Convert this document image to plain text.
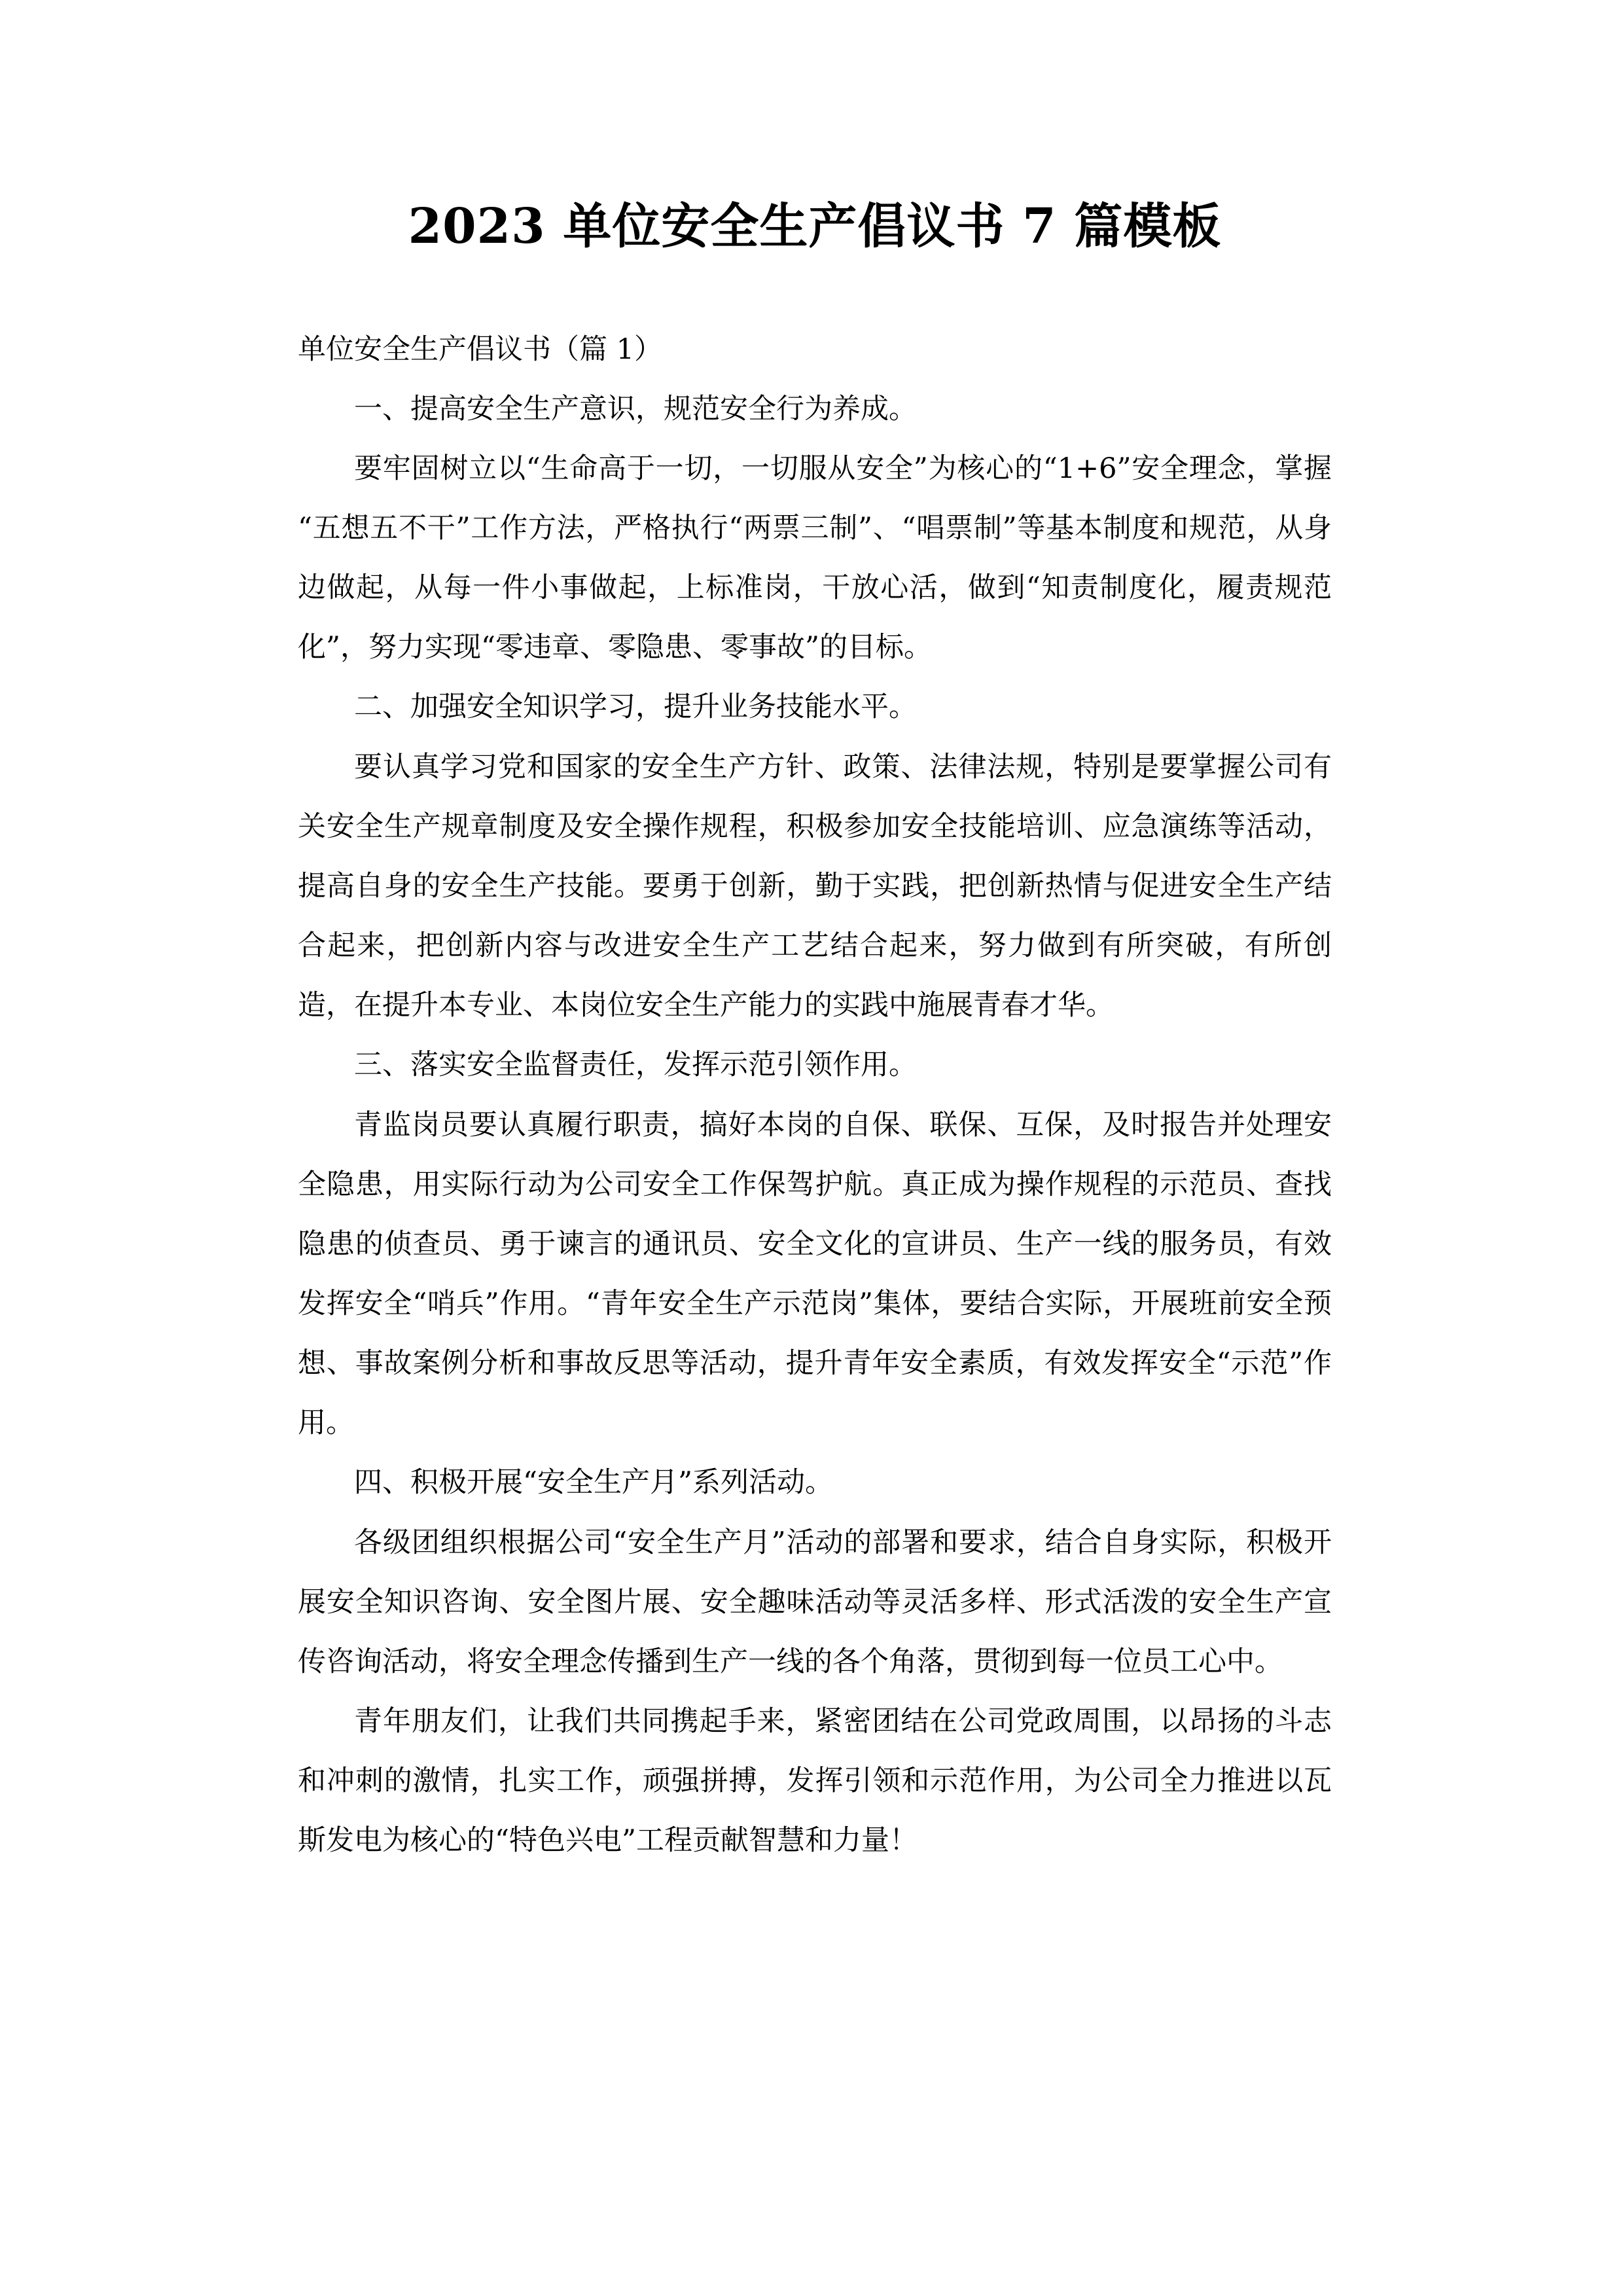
2023 单位安全生产倡议书 7 篇模板

单位安全生产倡议书（篇 1）

一、提高安全生产意识，规范安全行为养成。

要牢固树立以“生命高于一切，一切服从安全”为核心的“1+6”安全理念，掌握“五想五不干”工作方法，严格执行“两票三制”、“唱票制”等基本制度和规范，从身边做起，从每一件小事做起，上标准岗，干放心活，做到“知责制度化，履责规范化”，努力实现“零违章、零隐患、零事故”的目标。

二、加强安全知识学习，提升业务技能水平。

要认真学习党和国家的安全生产方针、政策、法律法规，特别是要掌握公司有关安全生产规章制度及安全操作规程，积极参加安全技能培训、应急演练等活动，提高自身的安全生产技能。要勇于创新，勤于实践，把创新热情与促进安全生产结合起来，把创新内容与改进安全生产工艺结合起来，努力做到有所突破，有所创造，在提升本专业、本岗位安全生产能力的实践中施展青春才华。

三、落实安全监督责任，发挥示范引领作用。

青监岗员要认真履行职责，搞好本岗的自保、联保、互保，及时报告并处理安全隐患，用实际行动为公司安全工作保驾护航。真正成为操作规程的示范员、查找隐患的侦查员、勇于谏言的通讯员、安全文化的宣讲员、生产一线的服务员，有效发挥安全“哨兵”作用。“青年安全生产示范岗”集体，要结合实际，开展班前安全预想、事故案例分析和事故反思等活动，提升青年安全素质，有效发挥安全“示范”作用。

四、积极开展“安全生产月”系列活动。

各级团组织根据公司“安全生产月”活动的部署和要求，结合自身实际，积极开展安全知识咨询、安全图片展、安全趣味活动等灵活多样、形式活泼的安全生产宣传咨询活动，将安全理念传播到生产一线的各个角落，贯彻到每一位员工心中。

青年朋友们，让我们共同携起手来，紧密团结在公司党政周围，以昂扬的斗志和冲刺的激情，扎实工作，顽强拼搏，发挥引领和示范作用，为公司全力推进以瓦斯发电为核心的“特色兴电”工程贡献智慧和力量！
